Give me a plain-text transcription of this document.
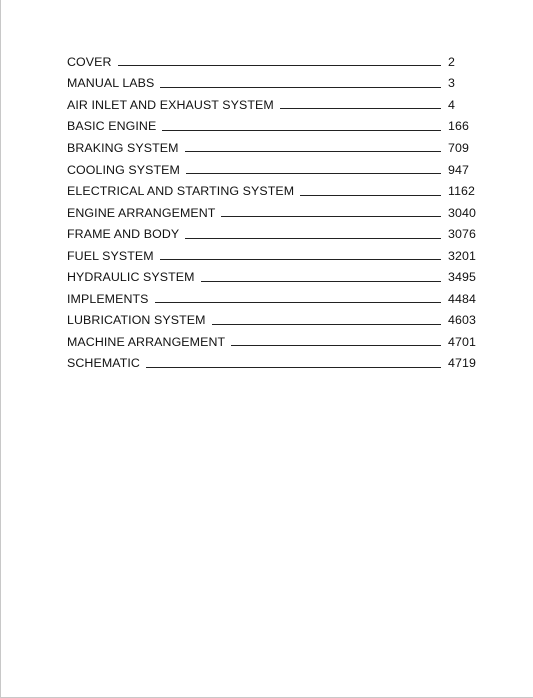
COVER	2
MANUAL LABS	3
AIR INLET AND EXHAUST SYSTEM	4
BASIC ENGINE	166
BRAKING SYSTEM	709
COOLING SYSTEM	947
ELECTRICAL AND STARTING SYSTEM	1162
ENGINE ARRANGEMENT	3040
FRAME AND BODY	3076
FUEL SYSTEM	3201
HYDRAULIC SYSTEM	3495
IMPLEMENTS	4484
LUBRICATION SYSTEM	4603
MACHINE ARRANGEMENT	4701
SCHEMATIC	4719
